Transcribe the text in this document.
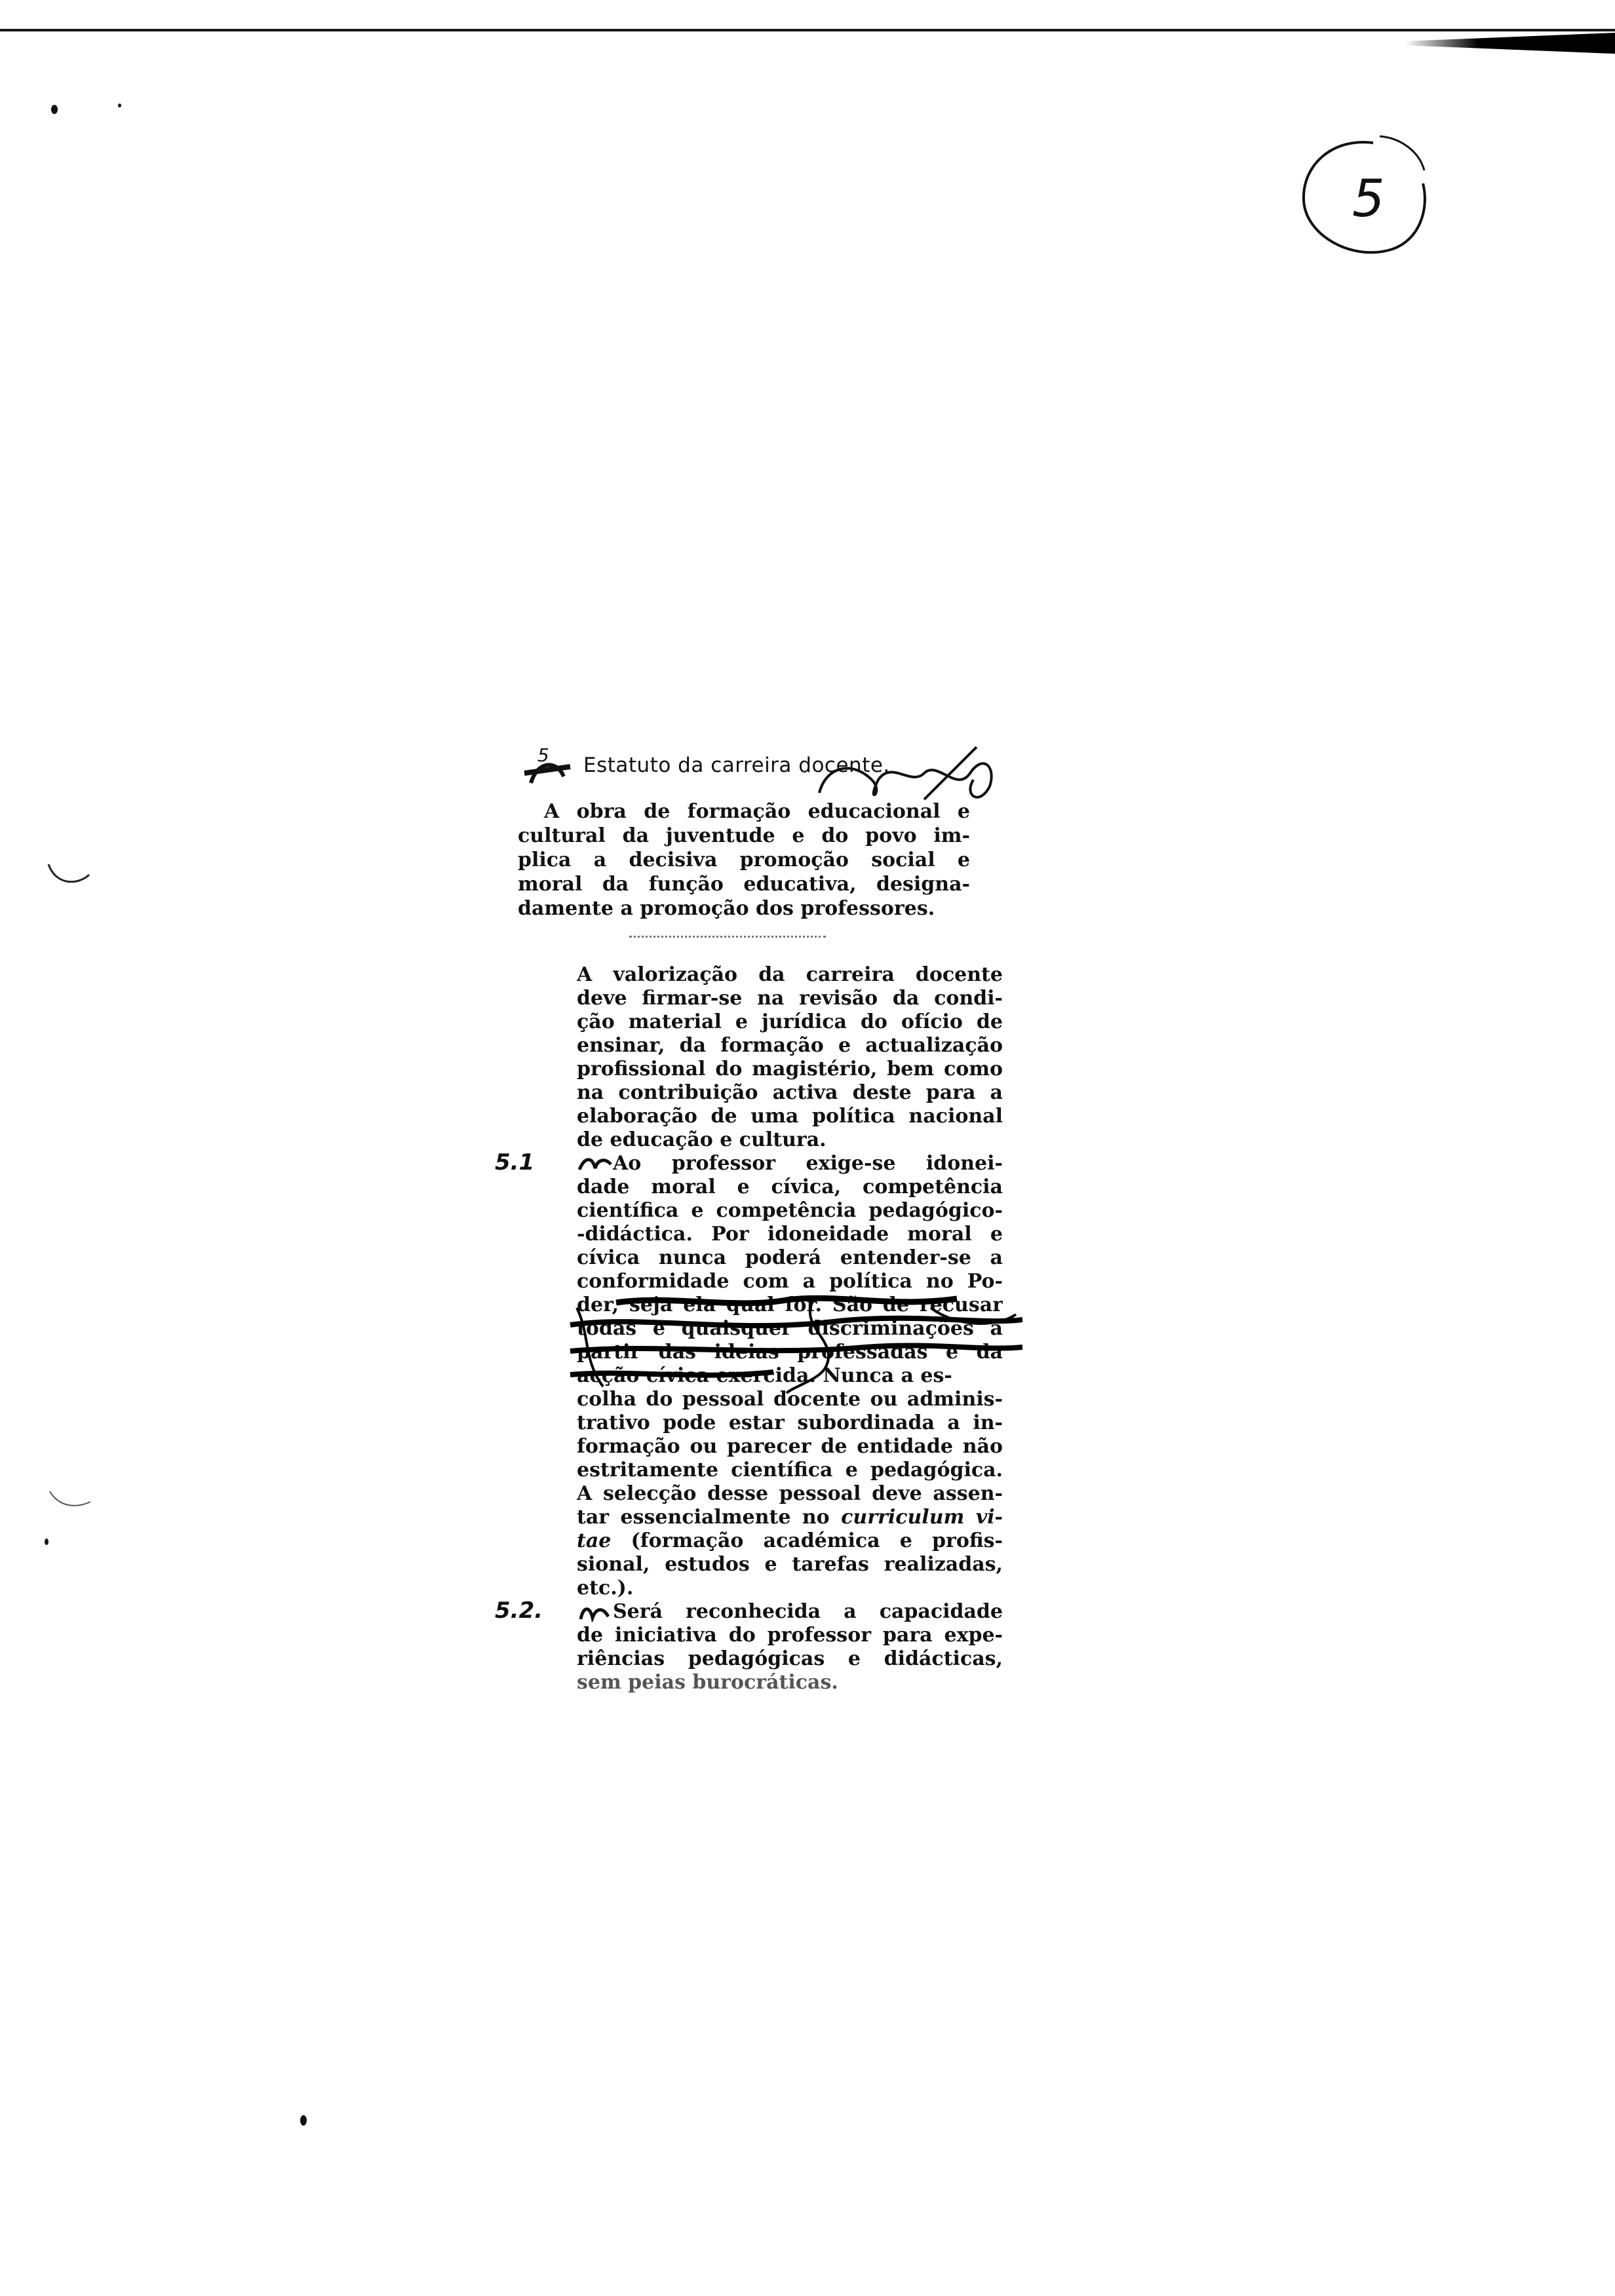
5
5 Estatuto da carreira docente.
A obra de formação educacional e
cultural da juventude e do povo im-
plica a decisiva promoção social e
moral da função educativa, designa-
damente a promoção dos professores.
A valorização da carreira docente
deve firmar-se na revisão da condi-
ção material e jurídica do ofício de
ensinar, da formação e actualização
profissional do magistério, bem como
na contribuição activa deste para a
elaboração de uma política nacional
de educação e cultura.
5.1	Ao professor exige-se idonei-
dade moral e cívica, competência
científica e competência pedagógico-
-didáctica. Por idoneidade moral e
cívica nunca poderá entender-se a
conformidade com a política no Po-
der, seja ela qual for. São de recusar
todas e quaisquer discriminações a
partir das ideias professadas e da
acção cívica exercida. Nunca a es-
colha do pessoal docente ou adminis-
trativo pode estar subordinada a in-
formação ou parecer de entidade não
estritamente científica e pedagógica.
A selecção desse pessoal deve assen-
tar essencialmente no curriculum vi-
tae (formação académica e profis-
sional, estudos e tarefas realizadas,
etc.).
5.2.	Será reconhecida a capacidade
de iniciativa do professor para expe-
riências pedagógicas e didácticas,
sem peias burocráticas.
